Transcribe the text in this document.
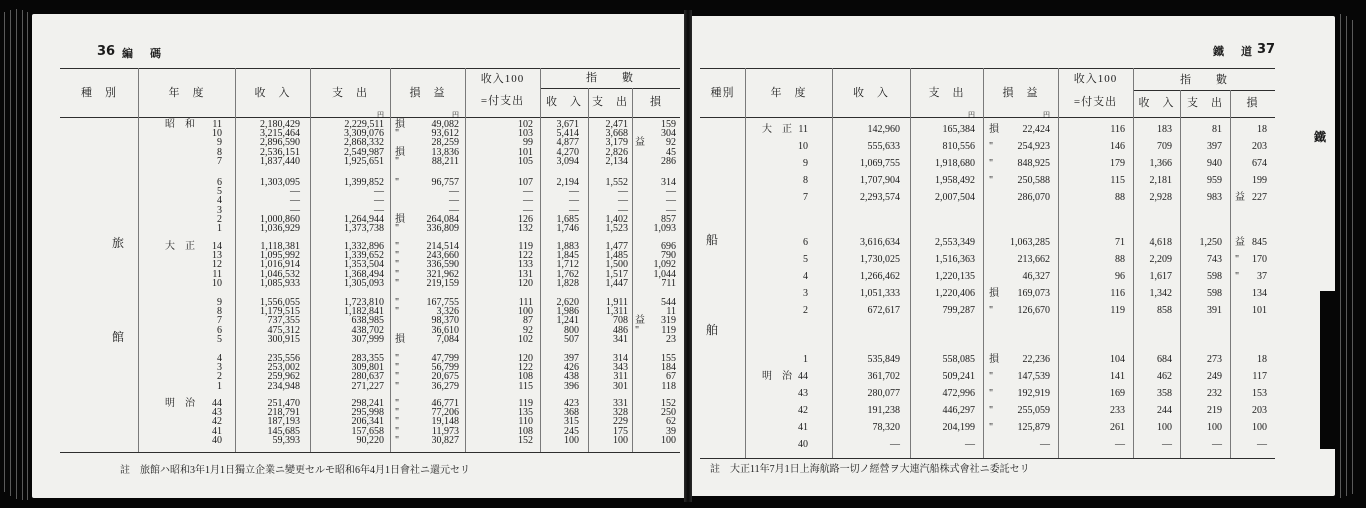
36 編　碼
種　別	年　度	收　入	支　出	損　益
收入100
=付支出
指　　數
收　入 支　出	損
円	円
旅
館
昭　和	11	2,180,429	2,229,511 損	49,082	102	3,671	2,471	159
10	3,215,464	3,309,076 "	93,612	103	5,414	3,668	304
9	2,896,590	2,868,332	28,259	99	4,877	3,179 益	92
8	2,536,151	2,549,987 損	13,836	101	4,270	2,826	45
7	1,837,440	1,925,651 "	88,211	105	3,094	2,134	286
6	1,303,095	1,399,852 "	96,757	107	2,194	1,552	314
5	—	—	—	—	—	—	—
4	—	—	—	—	—	—	—
3	—	—	—	—	—	—	—
2	1,000,860	1,264,944 損	264,084	126	1,685	1,402	857
1	1,036,929	1,373,738 "	336,809	132	1,746	1,523	1,093
大　正	14	1,118,381	1,332,896 "	214,514	119	1,883	1,477	696
13	1,095,992	1,339,652 "	243,660	122	1,845	1,485	790
12	1,016,914	1,353,504 "	336,590	133	1,712	1,500	1,092
11	1,046,532	1,368,494 "	321,962	131	1,762	1,517	1,044
10	1,085,933	1,305,093 "	219,159	120	1,828	1,447	711
9	1,556,055	1,723,810 "	167,755	111	2,620	1,911	544
8	1,179,515	1,182,841 "	3,326	100	1,986	1,311	11
7	737,355	638,985	98,370	87	1,241	708 益	319
6	475,312	438,702	36,610	92	800	486 "	119
5	300,915	307,999 損	7,084	102	507	341	23
4	235,556	283,355 "	47,799	120	397	314	155
3	253,002	309,801 "	56,799	122	426	343	184
2	259,962	280,637 "	20,675	108	438	311	67
1	234,948	271,227 "	36,279	115	396	301	118
明　治	44	251,470	298,241 "	46,771	119	423	331	152
43	218,791	295,998 "	77,206	135	368	328	250
42	187,193	206,341 "	19,148	110	315	229	62
41	145,685	157,658 "	11,973	108	245	175	39
40	59,393	90,220 "	30,827	152	100	100	100
註　旅館ハ昭和3年1月1日獨立企業ニ變更セルモ昭和6年4月1日會社ニ還元セリ
鐵　道 37
鐵
種別	年　度	收　入	支　出	損　益
收入100
=付支出
指　　數
收　入	支　出	損
円	円
船
舶
大　正 11	142,960	165,384 損	22,424	116	183	81	18
10	555,633	810,556 "	254,923	146	709	397	203
9	1,069,755	1,918,680 "	848,925	179	1,366	940	674
8	1,707,904	1,958,492 "	250,588	115	2,181	959	199
7	2,293,574	2,007,504	286,070	88	2,928	983 益 227
6	3,616,634	2,553,349	1,063,285	71	4,618	1,250 益 845
5	1,730,025	1,516,363	213,662	88	2,209	743 "	170
4	1,266,462	1,220,135	46,327	96	1,617	598 "	37
3	1,051,333	1,220,406 損	169,073	116	1,342	598	134
2	672,617	799,287 "	126,670	119	858	391	101
1	535,849	558,085 損	22,236	104	684	273	18
明　治 44	361,702	509,241 "	147,539	141	462	249	117
43	280,077	472,996 "	192,919	169	358	232	153
42	191,238	446,297 "	255,059	233	244	219	203
41	78,320	204,199 "	125,879	261	100	100	100
40	—	—	—	—	—	—	—
註　大正11年7月1日上海航路一切ノ經營ヲ大連汽船株式會社ニ委託セリ
